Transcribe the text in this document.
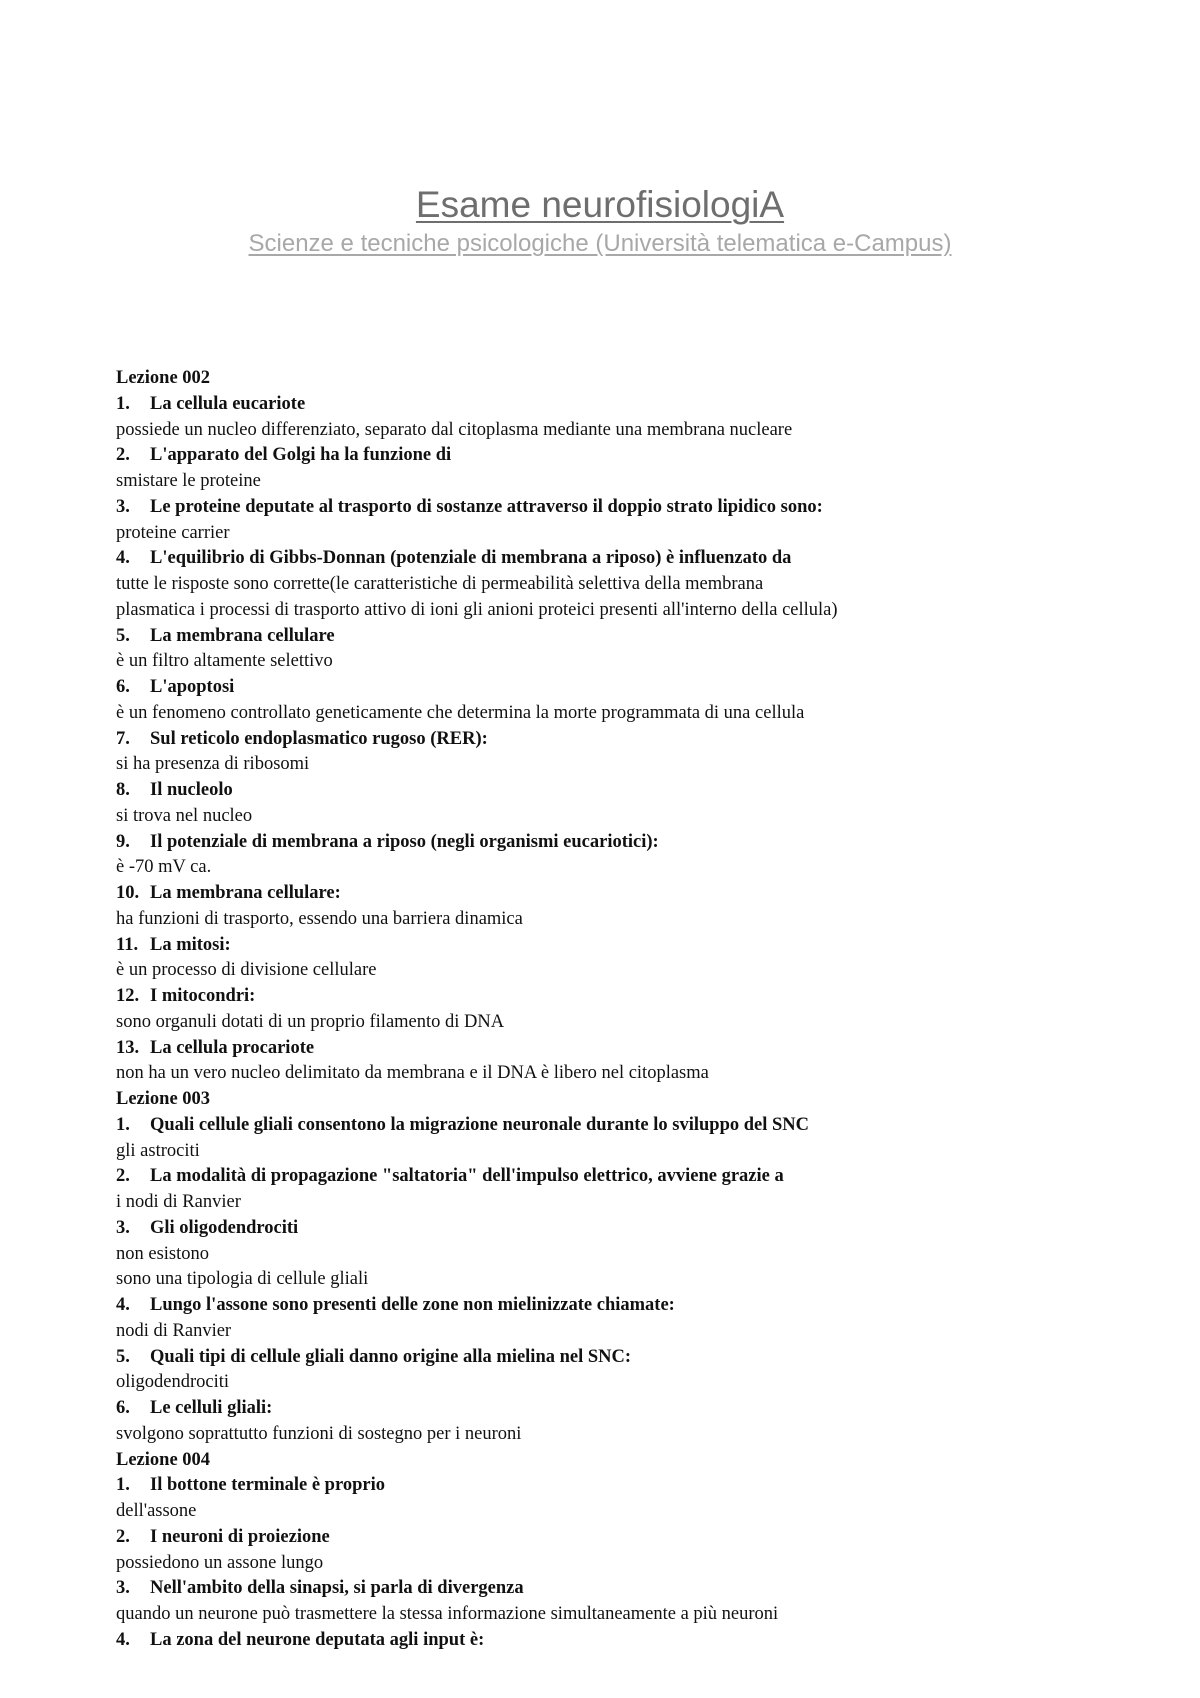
Esame neurofisiologiA
Scienze e tecniche psicologiche (Università telematica e-Campus)
Lezione 002
1. La cellula eucariote
possiede un nucleo differenziato, separato dal citoplasma mediante una membrana nucleare
2. L'apparato del Golgi ha la funzione di
smistare le proteine
3. Le proteine deputate al trasporto di sostanze attraverso il doppio strato lipidico sono:
proteine carrier
4. L'equilibrio di Gibbs-Donnan (potenziale di membrana a riposo) è influenzato da
tutte le risposte sono corrette(le caratteristiche di permeabilità selettiva della membrana
plasmatica i processi di trasporto attivo di ioni gli anioni proteici presenti all'interno della cellula)
5. La membrana cellulare
è un filtro altamente selettivo
6. L'apoptosi
è un fenomeno controllato geneticamente che determina la morte programmata di una cellula
7. Sul reticolo endoplasmatico rugoso (RER):
si ha presenza di ribosomi
8. Il nucleolo
si trova nel nucleo
9. Il potenziale di membrana a riposo (negli organismi eucariotici):
è -70 mV ca.
10. La membrana cellulare:
ha funzioni di trasporto, essendo una barriera dinamica
11. La mitosi:
è un processo di divisione cellulare
12. I mitocondri:
sono organuli dotati di un proprio filamento di DNA
13. La cellula procariote
non ha un vero nucleo delimitato da membrana e il DNA è libero nel citoplasma
Lezione 003
1. Quali cellule gliali consentono la migrazione neuronale durante lo sviluppo del SNC
gli astrociti
2. La modalità di propagazione "saltatoria" dell'impulso elettrico, avviene grazie a
i nodi di Ranvier
3. Gli oligodendrociti
non esistono
sono una tipologia di cellule gliali
4. Lungo l'assone sono presenti delle zone non mielinizzate chiamate:
nodi di Ranvier
5. Quali tipi di cellule gliali danno origine alla mielina nel SNC:
oligodendrociti
6. Le celluli gliali:
svolgono soprattutto funzioni di sostegno per i neuroni
Lezione 004
1. Il bottone terminale è proprio
dell'assone
2. I neuroni di proiezione
possiedono un assone lungo
3. Nell'ambito della sinapsi, si parla di divergenza
quando un neurone può trasmettere la stessa informazione simultaneamente a più neuroni
4. La zona del neurone deputata agli input è:
